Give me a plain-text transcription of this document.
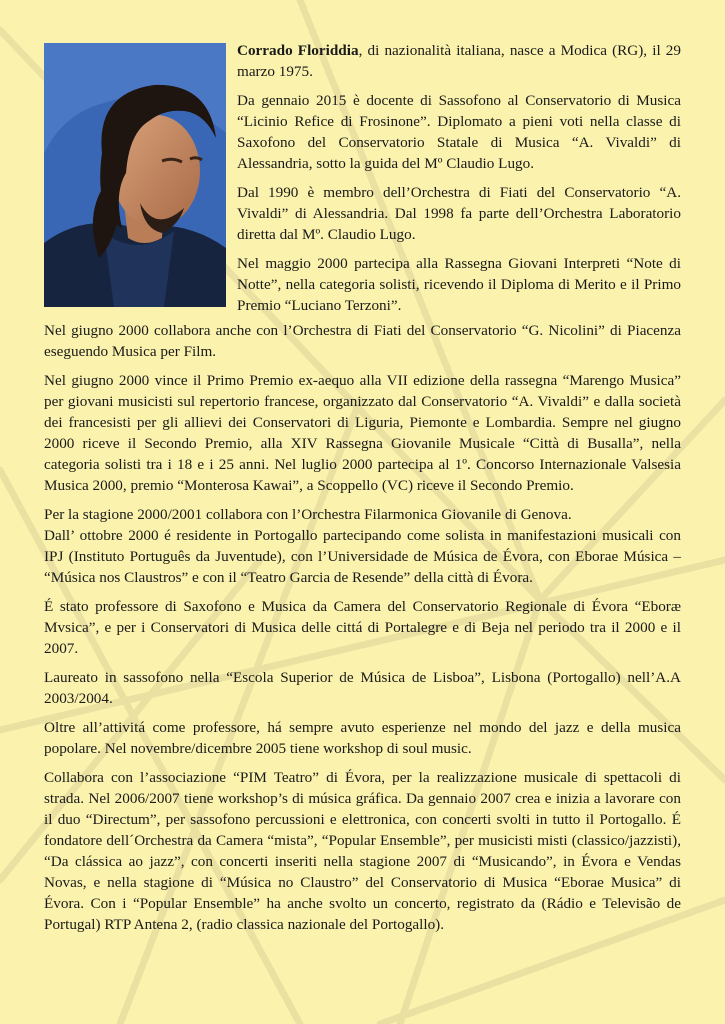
Corrado Floriddia, di nazionalità italiana, nasce a Modica (RG), il 29 marzo 1975.

Da gennaio 2015 è docente di Sassofono al Conservatorio di Musica “Licinio Refice di Frosinone”. Diplomato a pieni voti nella classe di Saxofono del Conservatorio Statale di Musica “A. Vivaldi” di Alessandria, sotto la guida del Mº Claudio Lugo.

Dal 1990 è membro dell’Orchestra di Fiati del Conservatorio “A. Vivaldi” di Alessandria. Dal 1998 fa parte dell’Orchestra Laboratorio diretta dal Mº. Claudio Lugo.

Nel maggio 2000 partecipa alla Rassegna Giovani Interpreti “Note di Notte”, nella categoria solisti, ricevendo il Diploma di Merito e il Primo Premio “Luciano Terzoni”.

Nel giugno 2000 collabora anche con l’Orchestra di Fiati del Conservatorio “G. Nicolini” di Piacenza eseguendo Musica per Film.

Nel giugno 2000 vince il Primo Premio ex-aequo alla VII edizione della rassegna “Marengo Musica” per giovani musicisti sul repertorio francese, organizzato dal Conservatorio “A. Vivaldi” e dalla società dei francesisti per gli allievi dei Conservatori di Liguria, Piemonte e Lombardia. Sempre nel giugno 2000 riceve il Secondo Premio, alla XIV Rassegna Giovanile Musicale “Città di Busalla”, nella categoria solisti tra i 18 e i 25 anni. Nel luglio 2000 partecipa al 1º. Concorso Internazionale Valsesia Musica 2000, premio “Monterosa Kawai”, a Scoppello (VC) riceve il Secondo Premio.

Per la stagione 2000/2001 collabora con l’Orchestra Filarmonica Giovanile di Genova.

Dall’ ottobre 2000 é residente in Portogallo partecipando come solista in manifestazioni musicali con IPJ (Instituto Português da Juventude), con l’Universidade de Música de Évora, con Eborae Música – “Música nos Claustros” e con il “Teatro Garcia de Resende” della città di Évora.

É stato professore di Saxofono e Musica da Camera del Conservatorio Regionale di Évora “Eboræ Mvsica”, e per i Conservatori di Musica delle cittá di Portalegre e di Beja nel periodo tra il 2000 e il 2007.

Laureato in sassofono nella “Escola Superior de Música de Lisboa”, Lisbona (Portogallo) nell’A.A 2003/2004.

Oltre all’attivitá come professore, há sempre avuto esperienze nel mondo del jazz e della musica popolare. Nel novembre/dicembre 2005 tiene workshop di soul music.

Collabora con l’associazione “PIM Teatro” di Évora, per la realizzazione musicale di spettacoli di strada. Nel 2006/2007 tiene workshop’s di música gráfica. Da gennaio 2007 crea e inizia a lavorare con il duo “Directum”, per sassofono percussioni e elettronica, con concerti svolti in tutto il Portogallo. É fondatore dell´Orchestra da Camera “mista”, “Popular Ensemble”, per musicisti misti (classico/jazzisti), “Da clássica ao jazz”, con concerti inseriti nella stagione 2007 di “Musicando”, in Évora e Vendas Novas, e nella stagione di “Música no Claustro” del Conservatorio di Musica “Eborae Musica” di Évora. Con i “Popular Ensemble” ha anche svolto un concerto, registrato da (Rádio e Televisão de Portugal) RTP Antena 2, (radio classica nazionale del Portogallo).
